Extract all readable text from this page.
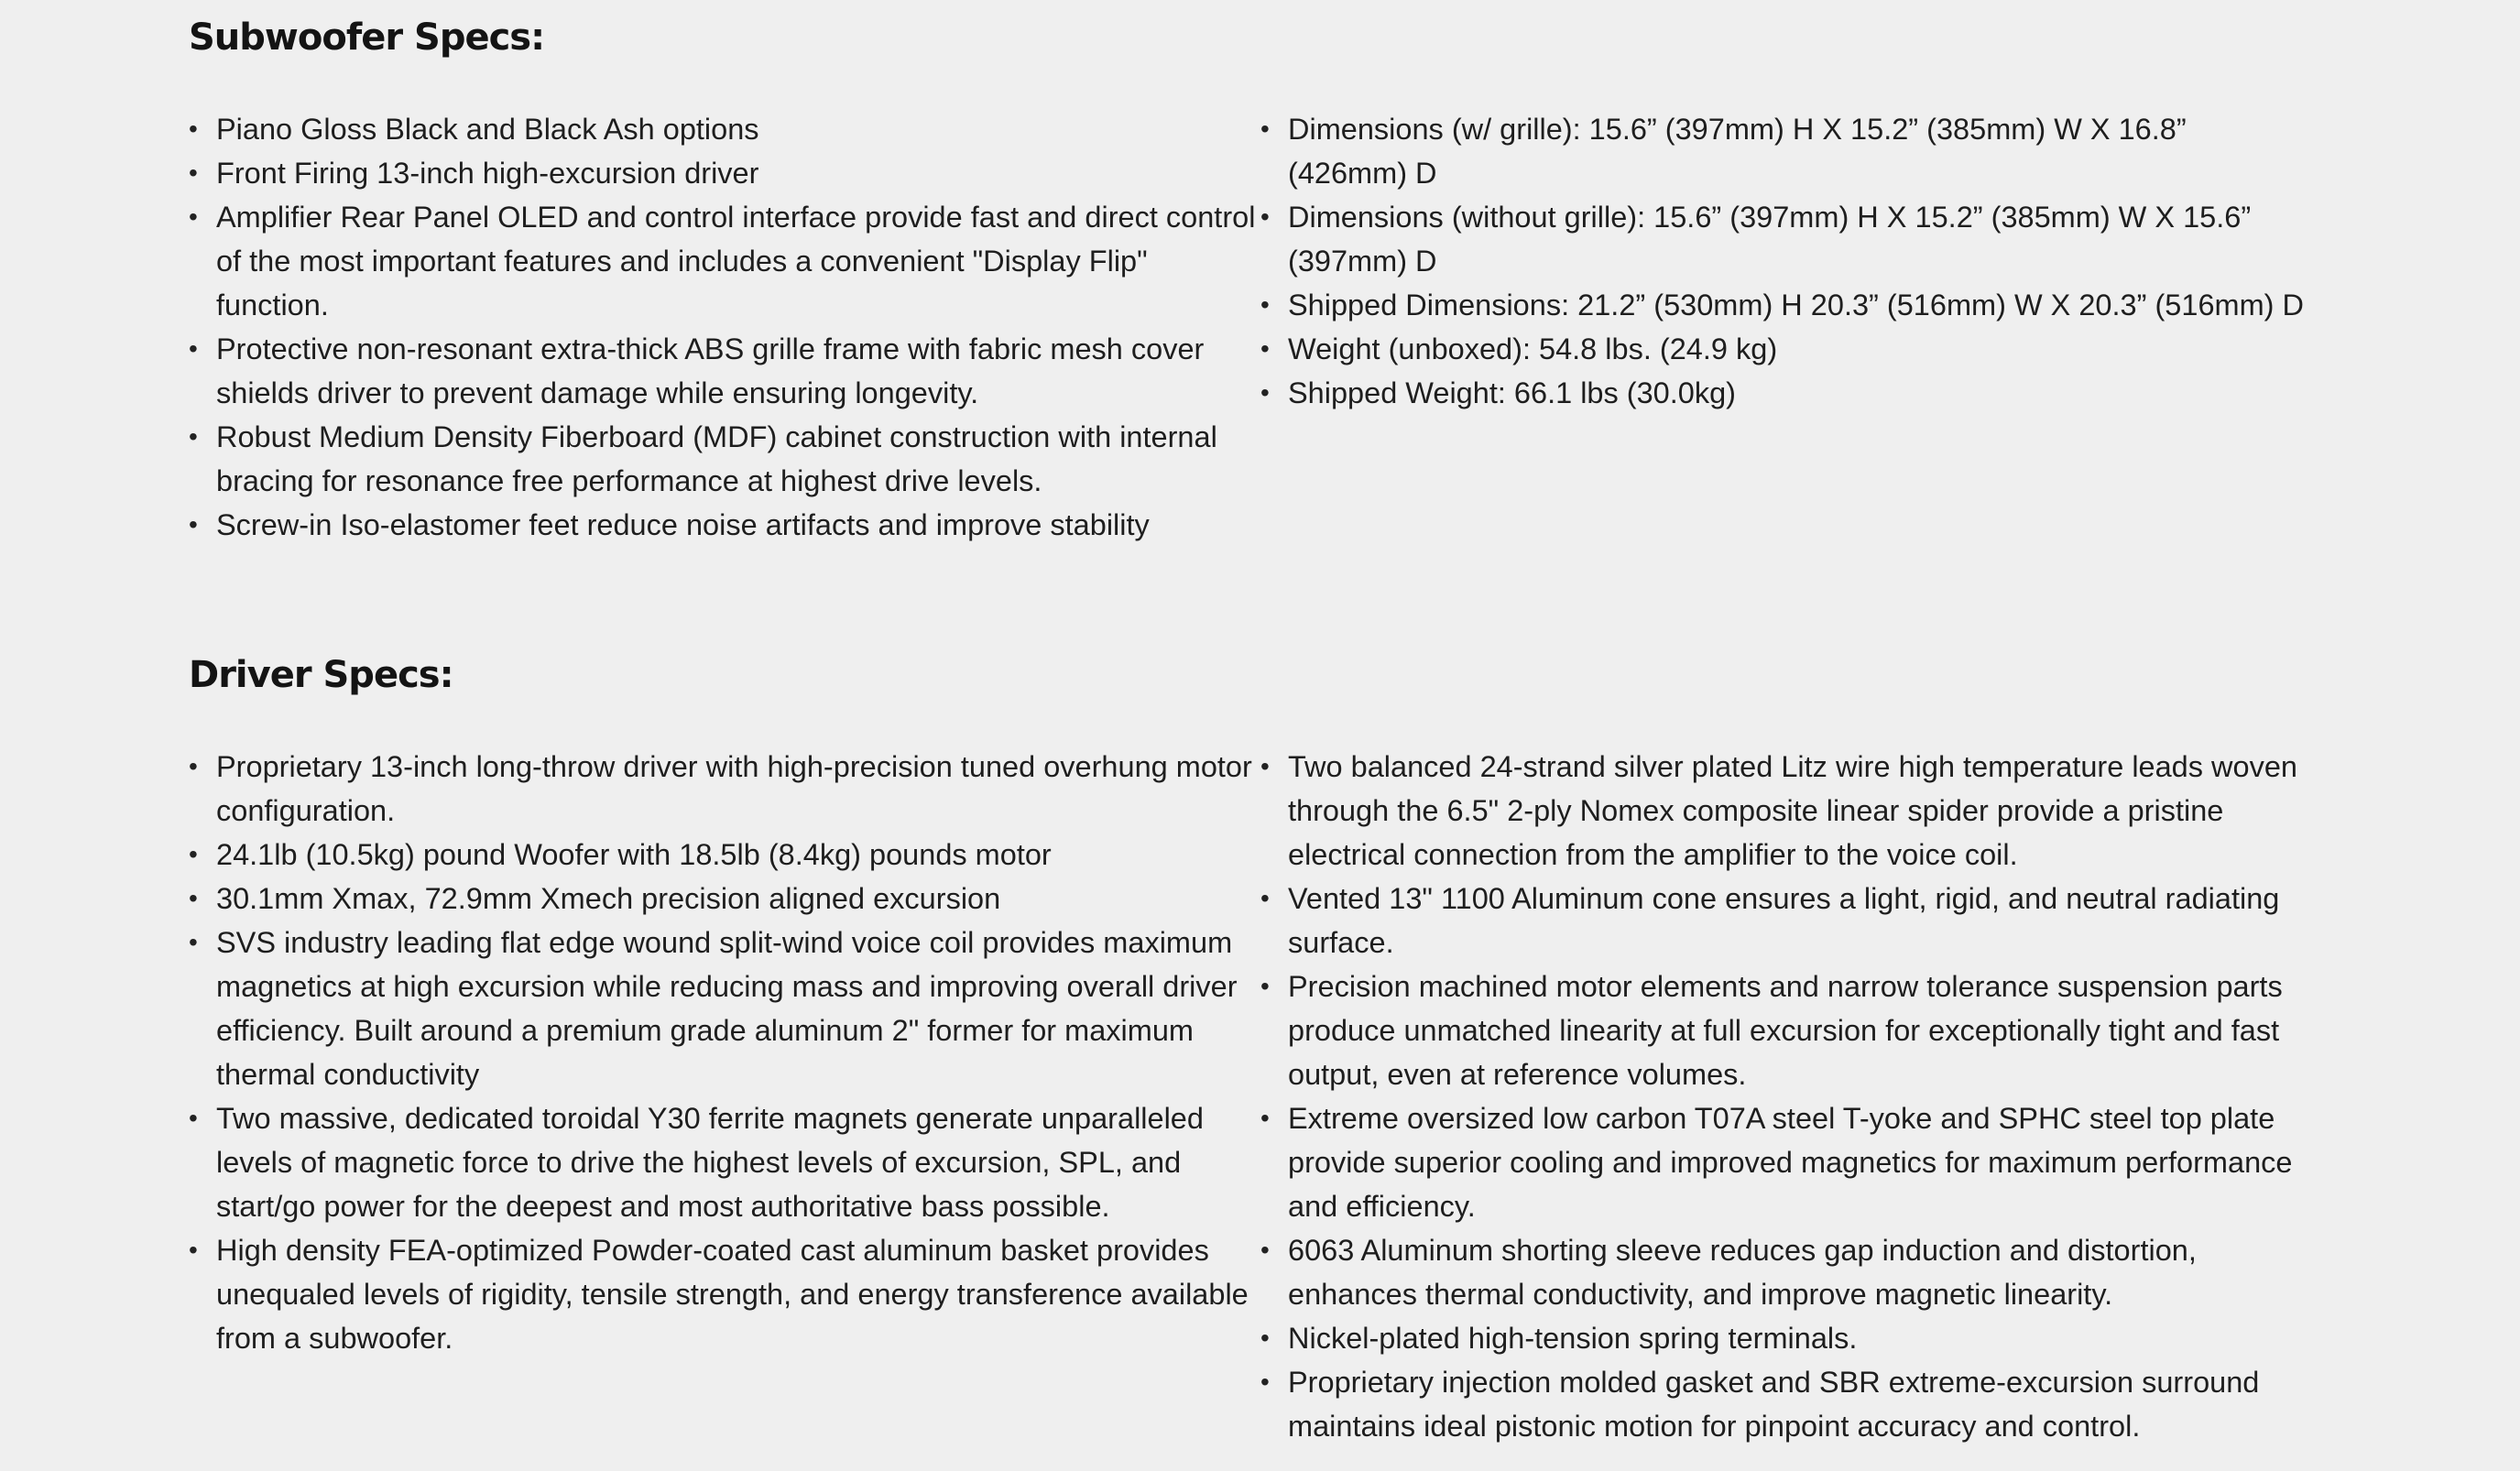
Subwoofer Specs:
• Piano Gloss Black and Black Ash options
• Front Firing 13-inch high-excursion driver
• Amplifier Rear Panel OLED and control interface provide fast and direct control of the most important features and includes a convenient "Display Flip" function.
• Protective non-resonant extra-thick ABS grille frame with fabric mesh cover shields driver to prevent damage while ensuring longevity.
• Robust Medium Density Fiberboard (MDF) cabinet construction with internal bracing for resonance free performance at highest drive levels.
• Screw-in Iso-elastomer feet reduce noise artifacts and improve stability
• Dimensions (w/ grille): 15.6” (397mm) H X 15.2” (385mm) W X 16.8” (426mm) D
• Dimensions (without grille): 15.6” (397mm) H X 15.2” (385mm) W X 15.6” (397mm) D
• Shipped Dimensions: 21.2” (530mm) H 20.3” (516mm) W X 20.3” (516mm) D
• Weight (unboxed): 54.8 lbs. (24.9 kg)
• Shipped Weight: 66.1 lbs (30.0kg)
Driver Specs:
• Proprietary 13-inch long-throw driver with high-precision tuned overhung motor configuration.
• 24.1lb (10.5kg) pound Woofer with 18.5lb (8.4kg) pounds motor
• 30.1mm Xmax, 72.9mm Xmech precision aligned excursion
• SVS industry leading flat edge wound split-wind voice coil provides maximum magnetics at high excursion while reducing mass and improving overall driver efficiency. Built around a premium grade aluminum 2" former for maximum thermal conductivity
• Two massive, dedicated toroidal Y30 ferrite magnets generate unparalleled levels of magnetic force to drive the highest levels of excursion, SPL, and start/go power for the deepest and most authoritative bass possible.
• High density FEA-optimized Powder-coated cast aluminum basket provides unequaled levels of rigidity, tensile strength, and energy transference available from a subwoofer.
• Two balanced 24-strand silver plated Litz wire high temperature leads woven through the 6.5" 2-ply Nomex composite linear spider provide a pristine electrical connection from the amplifier to the voice coil.
• Vented 13" 1100 Aluminum cone ensures a light, rigid, and neutral radiating surface.
• Precision machined motor elements and narrow tolerance suspension parts produce unmatched linearity at full excursion for exceptionally tight and fast output, even at reference volumes.
• Extreme oversized low carbon T07A steel T-yoke and SPHC steel top plate provide superior cooling and improved magnetics for maximum performance and efficiency.
• 6063 Aluminum shorting sleeve reduces gap induction and distortion, enhances thermal conductivity, and improve magnetic linearity.
• Nickel-plated high-tension spring terminals.
• Proprietary injection molded gasket and SBR extreme-excursion surround maintains ideal pistonic motion for pinpoint accuracy and control.
